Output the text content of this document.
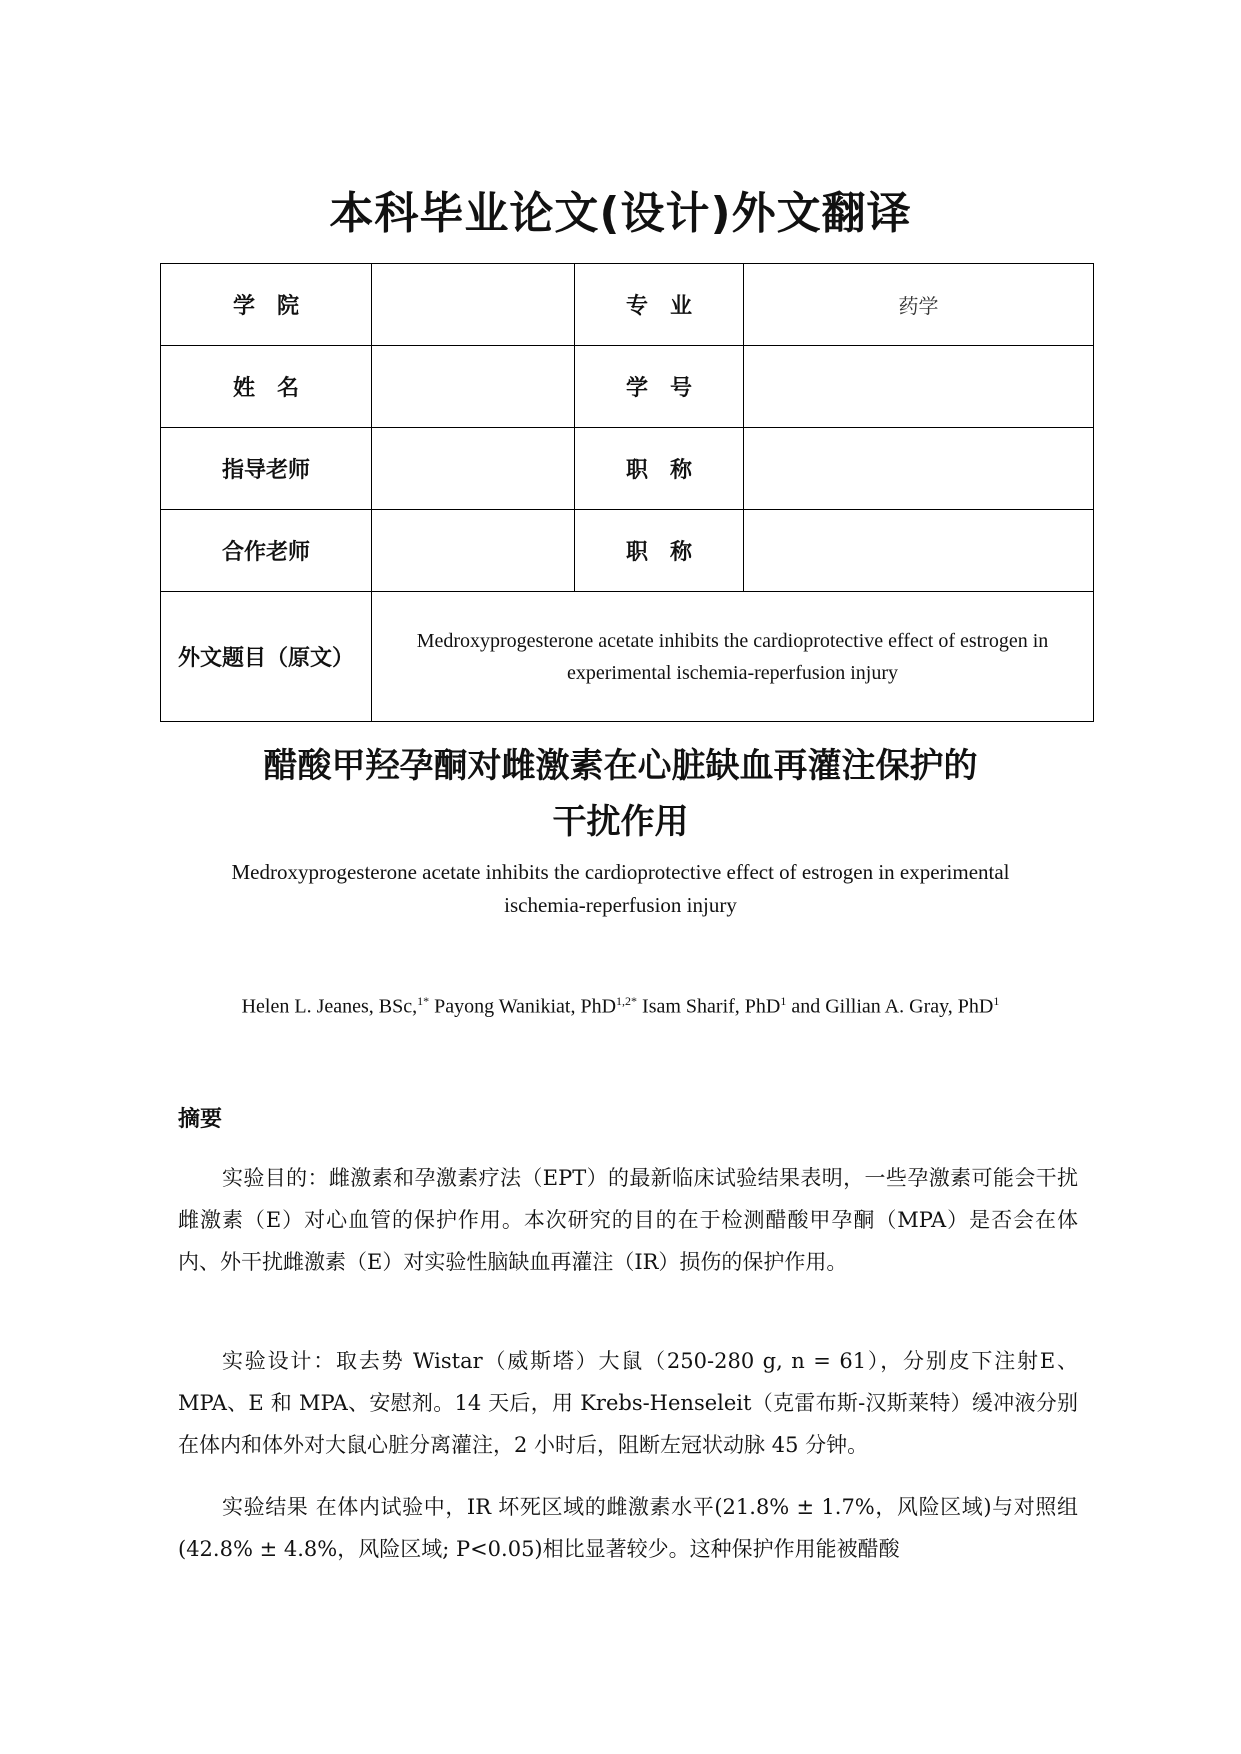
本科毕业论文(设计)外文翻译
学　院		专　业	药学
姓　名		学　号	
指导老师		职　称	
合作老师		职　称	
外文题目（原文）	Medroxyprogesterone acetate inhibits the cardioprotective effect of estrogen in experimental ischemia-reperfusion injury		
醋酸甲羟孕酮对雌激素在心脏缺血再灌注保护的
干扰作用
Medroxyprogesterone acetate inhibits the cardioprotective effect of estrogen in experimental ischemia-reperfusion injury
Helen L. Jeanes, BSc,$^{1*}$ Payong Wanikiat, PhD$^{1,2*}$ Isam Sharif, PhD$^1$ and Gillian A. Gray, PhD$^1$
摘要
实验目的：雌激素和孕激素疗法（EPT）的最新临床试验结果表明，一些孕激素可能会干扰雌激素（E）对心血管的保护作用。本次研究的目的在于检测醋酸甲孕酮（MPA）是否会在体内、外干扰雌激素（E）对实验性脑缺血再灌注（IR）损伤的保护作用。
实验设计：取去势 Wistar（威斯塔）大鼠（250-280 g, n = 61），分别皮下注射E、MPA、E 和 MPA、安慰剂。14 天后，用 Krebs-Henseleit（克雷布斯-汉斯莱特）缓冲液分别在体内和体外对大鼠心脏分离灌注，2 小时后，阻断左冠状动脉 45 分钟。
实验结果 在体内试验中，IR 坏死区域的雌激素水平(21.8% ± 1.7%，风险区域)与对照组(42.8% ± 4.8%，风险区域; P<0.05)相比显著较少。这种保护作用能被醋酸
